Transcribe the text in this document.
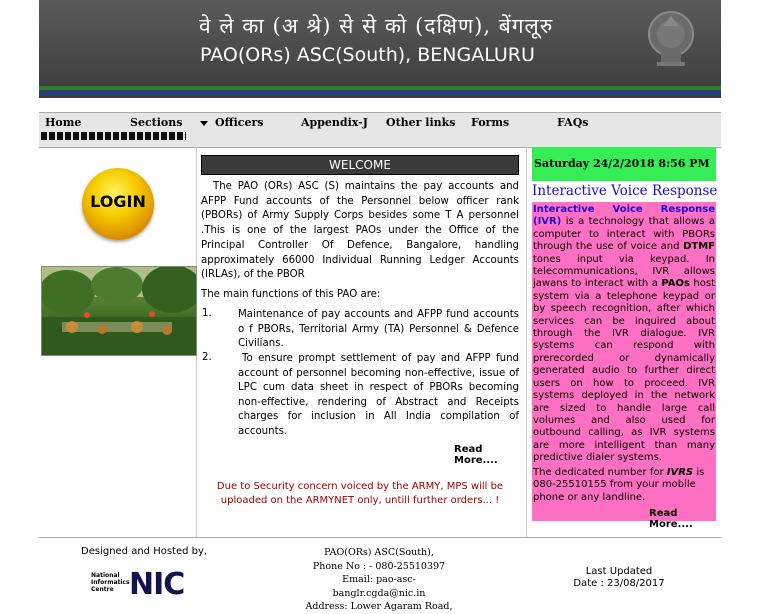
वे ले का (अ श्रे) से से को (दक्षिण), बेंगलूरु
PAO(ORs) ASC(South), BENGALURU
Home	Sections	Officers	Appendix-J Other links Forms	FAQs
LOGIN
WELCOME
The PAO (ORs) ASC (S) maintains the pay accounts and AFPP Fund accounts of the Personnel below officer rank (PBORs) of Army Supply Corps besides some T A personnel .This is one of the largest PAOs under the Office of the Principal Controller Of Defence, Bangalore, handling approximately 66000 Individual Running Ledger Accounts (IRLAs), of the PBOR
The main functions of this PAO are:
1.	Maintenance of pay accounts and AFPP fund accounts o f PBORs, Territorial Army (TA) Personnel & Defence Civilians.
2.	To ensure prompt settlement of pay and AFPP fund account of personnel becoming non-effective, issue of LPC cum data sheet in respect of PBORs becoming non-effective, rendering of Abstract and Receipts charges for inclusion in All India compilation of accounts.
Read More....
Due to Security concern voiced by the ARMY, MPS will be uploaded on the ARMYNET only, untill further orders... !
Saturday 24/2/2018 8:56 PM
Interactive Voice Response
Interactive Voice Response (IVR) is a technology that allows a computer to interact with PBORs through the use of voice and DTMF tones input via keypad. In telecommunications, IVR allows jawans to interact with a PAOs host system via a telephone keypad or by speech recognition, after which services can be inquired about through the IVR dialogue. IVR systems can respond with prerecorded or dynamically generated audio to further direct users on how to proceed. IVR systems deployed in the network are sized to handle large call volumes and also used for outbound calling, as IVR systems are more intelligent than many predictive dialer systems.
The dedicated number for IVRS is 080-25510155 from your mobile phone or any landline.
Read More....
Designed and Hosted by,
National
Informatics
Centre NIC
PAO(ORs) ASC(South),
Phone No : - 080-25510397
Email: pao-asc-banglr.cgda@nic.in
Address: Lower Agaram Road,
Last Updated
Date : 23/08/2017
